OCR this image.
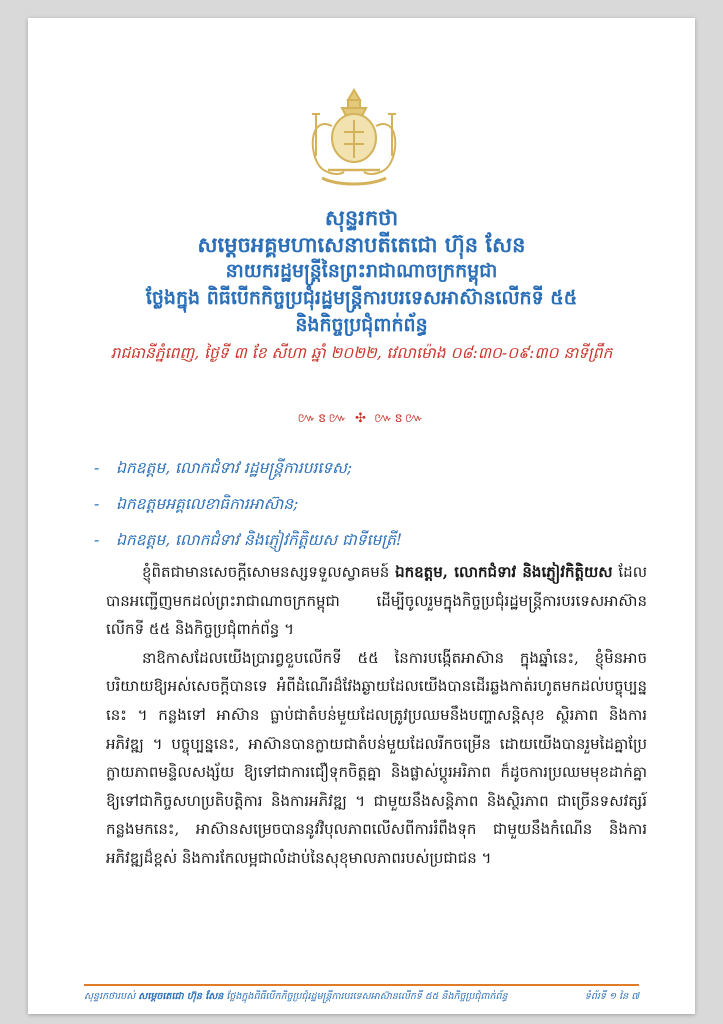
សុន្ទរកថា
សម្តេចអគ្គមហាសេនាបតីតេជោ ហ៊ុន សែន
នាយករដ្ឋមន្ត្រីនៃព្រះរាជាណាចក្រកម្ពុជា
ថ្លែងក្នុង ពិធីបើកកិច្ចប្រជុំរដ្ឋមន្ត្រីការបរទេសអាស៊ានលើកទី ៥៥
និងកិច្ចប្រជុំពាក់ព័ន្ធ
រាជធានីភ្នំពេញ, ថ្ងៃទី ៣ ខែ សីហា ឆ្នាំ ២០២២, វេលាម៉ោង ០៨:៣០-០៩:៣០ នាទីព្រឹក
៚ៜ៚ ✣ ៚ៜ៚
- ឯកឧត្តម, លោកជំទាវ រដ្ឋមន្ត្រីការបរទេស;
- ឯកឧត្តមអគ្គលេខាធិការអាស៊ាន;
- ឯកឧត្តម, លោកជំទាវ និងភ្ញៀវកិត្តិយស ជាទីមេត្រី!

ខ្ញុំពិតជាមានសេចក្តីសោមនស្សទទួលស្វាគមន៍ ឯកឧត្តម, លោកជំទាវ និងភ្ញៀវកិត្តិយស ដែលបានអញ្ជើញមកដល់ព្រះរាជាណាចក្រកម្ពុជា ដើម្បីចូលរួមក្នុងកិច្ចប្រជុំរដ្ឋមន្ត្រីការបរទេសអាស៊ានលើកទី ៥៥ និងកិច្ចប្រជុំពាក់ព័ន្ធ ។

នាឱកាសដែលយើងប្រារព្វខួបលើកទី ៥៥ នៃការបង្កើតអាស៊ាន ក្នុងឆ្នាំនេះ, ខ្ញុំមិនអាចបរិយាយឱ្យអស់សេចក្តីបានទេ អំពីដំណើរដ៏វែងឆ្ងាយដែលយើងបានដើរឆ្លងកាត់រហូតមកដល់បច្ចុប្បន្ននេះ ។ កន្លងទៅ អាស៊ាន ធ្លាប់ជាតំបន់មួយដែលត្រូវប្រឈមនឹងបញ្ហាសន្តិសុខ ស្ថិរភាព និងការអភិវឌ្ឍ ។ បច្ចុប្បន្ននេះ, អាស៊ានបានក្លាយជាតំបន់មួយដែលរីកចម្រើន ដោយយើងបានរួមដៃគ្នាប្រែក្លាយភាពមន្ទិលសង្ស័យ ឱ្យទៅជាការជឿទុកចិត្តគ្នា និងផ្លាស់ប្តូរអរិភាព ក៏ដូចការប្រឈមមុខដាក់គ្នា ឱ្យទៅជាកិច្ចសហប្រតិបត្តិការ និងការអភិវឌ្ឍ ។ ជាមួយនឹងសន្តិភាព និងស្ថិរភាព ជាច្រើនទសវត្សរ៍កន្លងមកនេះ, អាស៊ានសម្រេចបាននូវវិបុលភាពលើសពីការរំពឹងទុក ជាមួយនឹងកំណើន និងការអភិវឌ្ឍដ៏ខ្ពស់ និងការកែលម្អជាលំដាប់នៃសុខុមាលភាពរបស់ប្រជាជន ។

សុន្ទរកថារបស់ សម្តេចតេជោ ហ៊ុន សែន ថ្លែងក្នុងពិធីបើកកិច្ចប្រជុំរដ្ឋមន្ត្រីការបរទេសអាស៊ានលើកទី ៥៥ និងកិច្ចប្រជុំពាក់ព័ន្ធ	ទំព័រទី ១ នៃ ៧
